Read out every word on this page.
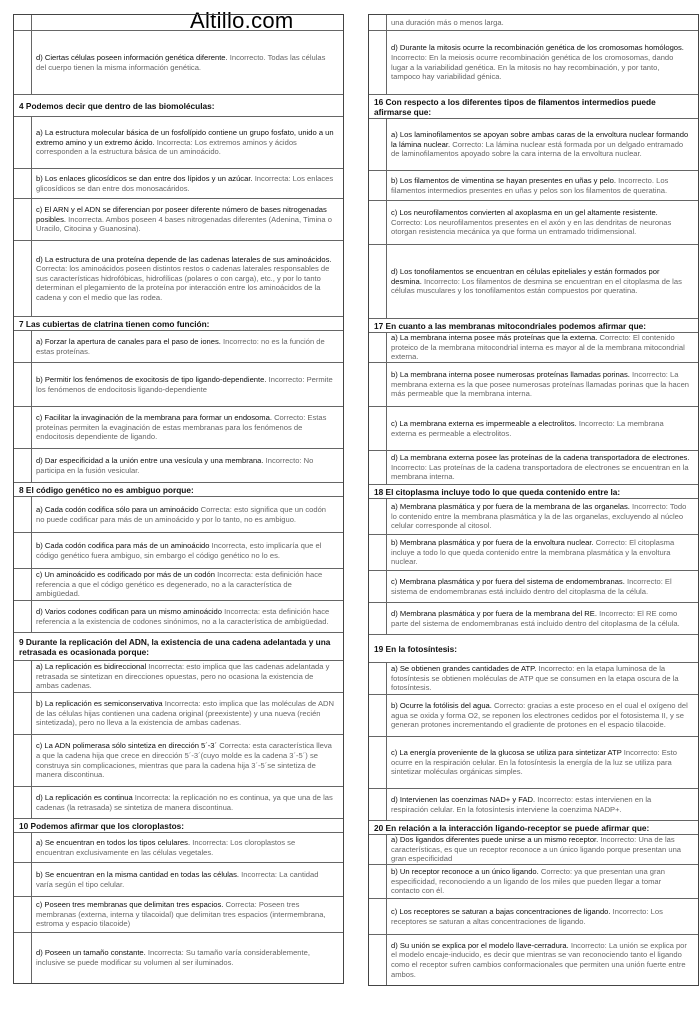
Altillo.com
d) Ciertas células poseen información genética diferente. Incorrecto. Todas las células del cuerpo tienen la misma información genética.
4 Podemos decir que dentro de las biomoléculas:
a) La estructura molecular básica de un fosfolípido contiene un grupo fosfato, unido a un extremo amino y un extremo ácido. Incorrecta: Los extremos aminos y ácidos corresponden a la estructura básica de un aminoácido.
b) Los enlaces glicosídicos se dan entre dos lípidos y un azúcar. Incorrecta: Los enlaces glicosídicos se dan entre dos monosacáridos.
c) El ARN y el ADN se diferencian por poseer diferente número de bases nitrogenadas posibles. Incorrecta. Ambos poseen 4 bases nitrogenadas diferentes (Adenina, Timina o Uracilo, Citocina y Guanosina).
d) La estructura de una proteína depende de las cadenas laterales de sus aminoácidos. Correcta: los aminoácidos poseen distintos restos o cadenas laterales responsables de sus características hidrofóbicas, hidrofílicas (polares o con carga), etc., y por lo tanto determinan el plegamiento de la proteína por interacción entre los aminoácidos de la cadena y con el medio que las rodea.
7 Las cubiertas de clatrina tienen como función:
a) Forzar la apertura de canales para el paso de iones. Incorrecto: no es la función de estas proteínas.
b) Permitir los fenómenos de exocitosis de tipo ligando-dependiente. Incorrecto: Permite los fenómenos de endocitosis ligando-dependiente
c) Facilitar la invaginación de la membrana para formar un endosoma. Correcto: Estas proteínas permiten la evaginación de estas membranas para los fenómenos de endocitosis dependiente de ligando.
d) Dar especificidad a la unión entre una vesícula y una membrana. Incorrecto: No participa en la fusión vesicular.
8 El código genético no es ambiguo porque:
a) Cada codón codifica sólo para un aminoácido Correcta: esto significa que un codón no puede codificar para más de un aminoácido y por lo tanto, no es ambiguo.
b) Cada codón codifica para más de un aminoácido Incorrecta, esto implicaría que el código genético fuera ambiguo, sin embargo el código genético no lo es.
c) Un aminoácido es codificado por más de un codón Incorrecta: esta definición hace referencia a que el código genético es degenerado, no a la característica de ambigüedad.
d) Varios codones codifican para un mismo aminoácido Incorrecta: esta definición hace referencia a la existencia de codones sinónimos, no a la característica de ambigüedad.
9 Durante la replicación del ADN, la existencia de una cadena adelantada y una retrasada es ocasionada porque:
a) La replicación es bidireccional Incorrecta: esto implica que las cadenas adelantada y retrasada se sintetizan en direcciones opuestas, pero no ocasiona la existencia de ambas cadenas.
b) La replicación es semiconservativa Incorrecta: esto implica que las moléculas de ADN de las células hijas contienen una cadena original (preexistente) y una nueva (recién sintetizada), pero no lleva a la existencia de ambas cadenas.
c) La ADN polimerasa sólo sintetiza en dirección 5´-3´ Correcta: esta característica lleva a que la cadena hija que crece en dirección 5´-3´(cuyo molde es la cadena 3´-5´) se construya sin complicaciones, mientras que para la cadena hija 3´-5´se sintetiza de manera discontinua.
d) La replicación es continua Incorrecta: la replicación no es continua, ya que una de las cadenas (la retrasada) se sintetiza de manera discontinua.
10 Podemos afirmar que los cloroplastos:
a) Se encuentran en todos los tipos celulares. Incorrecta: Los cloroplastos se encuentran exclusivamente en las células vegetales.
b) Se encuentran en la misma cantidad en todas las células. Incorrecta: La cantidad varía según el tipo celular.
c) Poseen tres membranas que delimitan tres espacios. Correcta: Poseen tres membranas (externa, interna y tilacoidal) que delimitan tres espacios (intermembrana, estroma y espacio tilacoide)
d) Poseen un tamaño constante. Incorrecta: Su tamaño varía considerablemente, inclusive se puede modificar su volumen al ser iluminados.
una duración más o menos larga.
d) Durante la mitosis ocurre la recombinación genética de los cromosomas homólogos. Incorrecto: En la meiosis ocurre recombinación genética de los cromosomas, dando lugar a la variabilidad genética. En la mitosis no hay recombinación, y por tanto, tampoco hay variabilidad génica.
16 Con respecto a los diferentes tipos de filamentos intermedios puede afirmarse que:
a) Los laminofilamentos se apoyan sobre ambas caras de la envoltura nuclear formando la lámina nuclear. Correcto: La lámina nuclear está formada por un delgado entramado de laminofilamentos apoyado sobre la cara interna de la envoltura nuclear.
b) Los filamentos de vimentina se hayan presentes en uñas y pelo. Incorrecto. Los filamentos intermedios presentes en uñas y pelos son los filamentos de queratina.
c) Los neurofilamentos convierten al axoplasma en un gel altamente resistente. Correcto: Los neurofilamentos presentes en el axón y en las dendritas de neuronas otorgan resistencia mecánica ya que forma un entramado tridimensional.
d) Los tonofilamentos se encuentran en células epiteliales y están formados por desmina. Incorrecto: Los filamentos de desmina se encuentran en el citoplasma de las células musculares y los tonofilamentos están compuestos por queratina.
17 En cuanto a las membranas mitocondriales podemos afirmar que:
a) La membrana interna posee más proteínas que la externa. Correcto: El contenido proteico de la membrana mitocondrial interna es mayor al de la membrana mitocondrial externa.
b) La membrana interna posee numerosas proteínas llamadas porinas. Incorrecto: La membrana externa es la que posee numerosas proteínas llamadas porinas que la hacen más permeable que la membrana interna.
c) La membrana externa es impermeable a electrolitos. Incorrecto: La membrana externa es permeable a electrolitos.
d) La membrana externa posee las proteínas de la cadena transportadora de electrones. Incorrecto: Las proteínas de la cadena transportadora de electrones se encuentran en la membrana interna.
18 El citoplasma incluye todo lo que queda contenido entre la:
a) Membrana plasmática y por fuera de la membrana de las organelas. Incorrecto: Todo lo contenido entre la membrana plasmática y la de las organelas, excluyendo al núcleo celular corresponde al citosol.
b) Membrana plasmática y por fuera de la envoltura nuclear. Correcto: El citoplasma incluye a todo lo que queda contenido entre la membrana plasmática y la envoltura nuclear.
c) Membrana plasmática y por fuera del sistema de endomembranas. Incorrecto: El sistema de endomembranas está incluido dentro del citoplasma de la célula.
d) Membrana plasmática y por fuera de la membrana del RE. Incorrecto: El RE como parte del sistema de endomembranas está incluido dentro del citoplasma de la célula.
19 En la fotosíntesis:
a) Se obtienen grandes cantidades de ATP. Incorrecto: en la etapa luminosa de la fotosíntesis se obtienen moléculas de ATP que se consumen en la etapa oscura de la fotosíntesis.
b) Ocurre la fotólisis del agua. Correcto: gracias a este proceso en el cual el oxígeno del agua se oxida y forma O2, se reponen los electrones cedidos por el fotosistema II, y se generan protones incrementando el gradiente de protones en el espacio tilacoide.
c) La energía proveniente de la glucosa se utiliza para sintetizar ATP Incorrecto: Esto ocurre en la respiración celular. En la fotosíntesis la energía de la luz se utiliza para sintetizar moléculas orgánicas simples.
d) Intervienen las coenzimas NAD+ y FAD. Incorrecto: estas intervienen en la respiración celular. En la fotosíntesis interviene la coenzima NADP+.
20 En relación a la interacción ligando-receptor se puede afirmar que:
a) Dos ligandos diferentes puede unirse a un mismo receptor. Incorrecto: Una de las características, es que un receptor reconoce a un único ligando porque presentan una gran especificidad
b) Un receptor reconoce a un único ligando. Correcto: ya que presentan una gran especificidad, reconociendo a un ligando de los miles que pueden llegar a tomar contacto con él.
c) Los receptores se saturan a bajas concentraciones de ligando. Incorrecto: Los receptores se saturan a altas concentraciones de ligando.
d) Su unión se explica por el modelo llave-cerradura. Incorrecto: La unión se explica por el modelo encaje-inducido, es decir que mientras se van reconociendo tanto el ligando como el receptor sufren cambios conformacionales que permiten una unión fuerte entre ambos.
